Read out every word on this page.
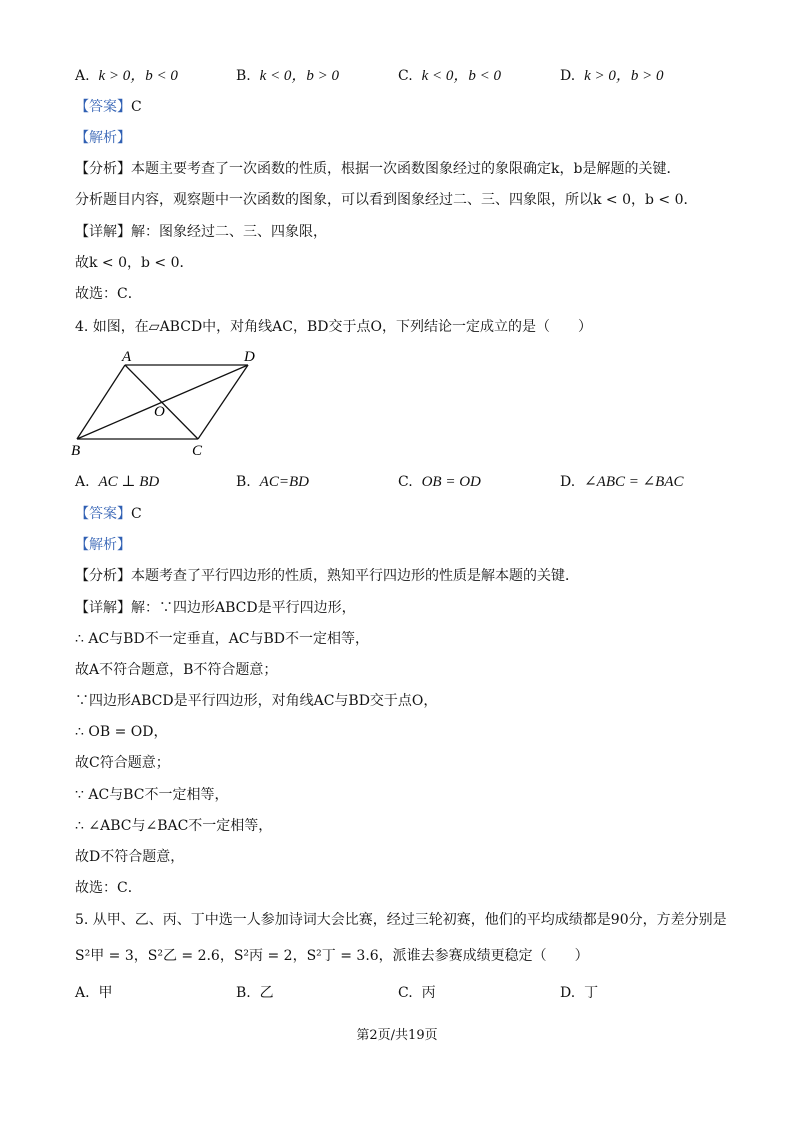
A. k > 0，b < 0	B. k < 0，b > 0	C. k < 0，b < 0	D. k > 0，b > 0
【答案】C
【解析】
【分析】本题主要考查了一次函数的性质，根据一次函数图象经过的象限确定k，b是解题的关键．
分析题目内容，观察题中一次函数的图象，可以看到图象经过二、三、四象限，所以k < 0，b < 0．
【详解】解：图象经过二、三、四象限，
故k < 0，b < 0．
故选：C．
4. 如图，在▱ABCD中，对角线AC，BD交于点O，下列结论一定成立的是（　　）
A	D
O
B	C
A. AC ⊥ BD	B. AC=BD	C. OB = OD	D. ∠ABC = ∠BAC
【答案】C
【解析】
【分析】本题考查了平行四边形的性质，熟知平行四边形的性质是解本题的关键．
【详解】解：∵四边形ABCD是平行四边形，
∴ AC与BD不一定垂直，AC与BD不一定相等，
故A不符合题意，B不符合题意；
∵四边形ABCD是平行四边形，对角线AC与BD交于点O，
∴ OB = OD，
故C符合题意；
∵ AC与BC不一定相等，
∴ ∠ABC与∠BAC不一定相等，
故D不符合题意，
故选：C．
5. 从甲、乙、丙、丁中选一人参加诗词大会比赛，经过三轮初赛，他们的平均成绩都是90分，方差分别是
S²甲 = 3，S²乙 = 2.6，S²丙 = 2，S²丁 = 3.6，派谁去参赛成绩更稳定（　　）
A. 甲	B. 乙	C. 丙	D. 丁
第2页/共19页
